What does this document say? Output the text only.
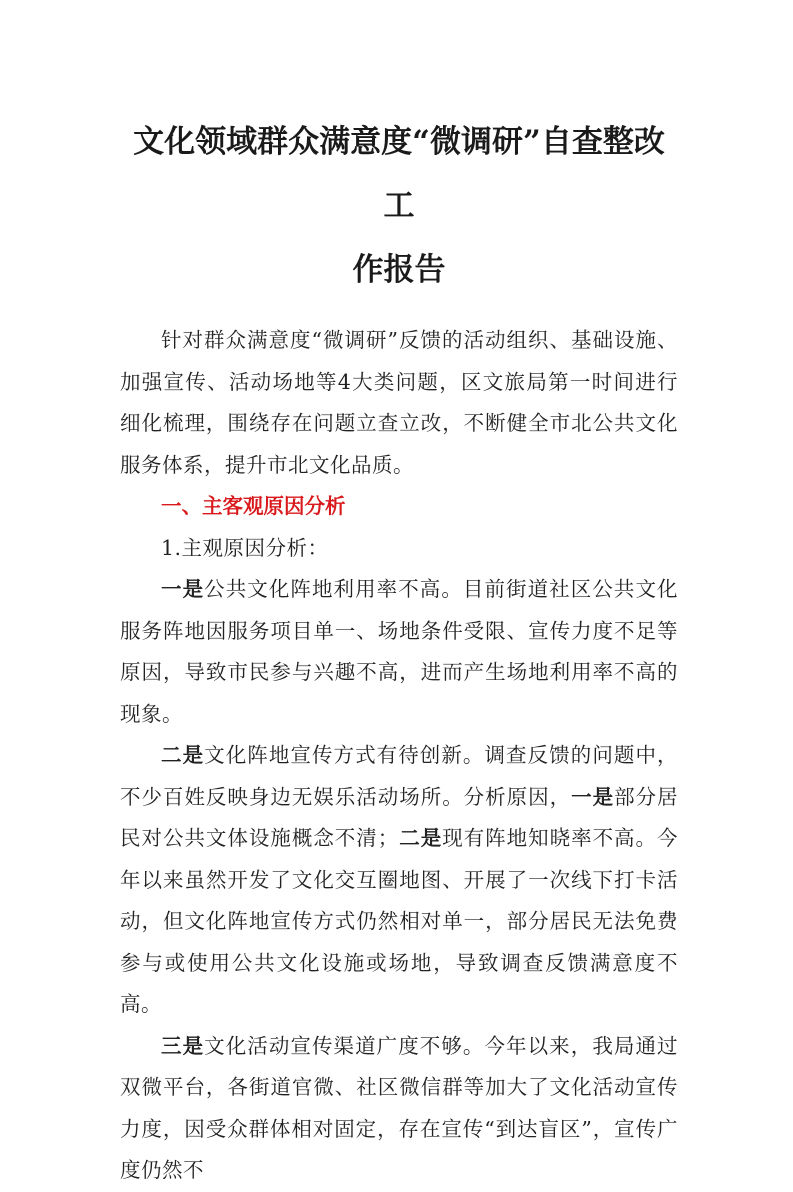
文化领域群众满意度“微调研”自查整改工
作报告

针对群众满意度“微调研”反馈的活动组织、基础设施、加强宣传、活动场地等4大类问题，区文旅局第一时间进行细化梳理，围绕存在问题立查立改，不断健全市北公共文化服务体系，提升市北文化品质。

一、主客观原因分析

1.主观原因分析：

一是公共文化阵地利用率不高。目前街道社区公共文化服务阵地因服务项目单一、场地条件受限、宣传力度不足等原因，导致市民参与兴趣不高，进而产生场地利用率不高的现象。

二是文化阵地宣传方式有待创新。调查反馈的问题中，不少百姓反映身边无娱乐活动场所。分析原因，一是部分居民对公共文体设施概念不清；二是现有阵地知晓率不高。今年以来虽然开发了文化交互圈地图、开展了一次线下打卡活动，但文化阵地宣传方式仍然相对单一，部分居民无法免费参与或使用公共文化设施或场地，导致调查反馈满意度不高。

三是文化活动宣传渠道广度不够。今年以来，我局通过双微平台，各街道官微、社区微信群等加大了文化活动宣传力度，因受众群体相对固定，存在宣传“到达盲区”，宣传广度仍然不
